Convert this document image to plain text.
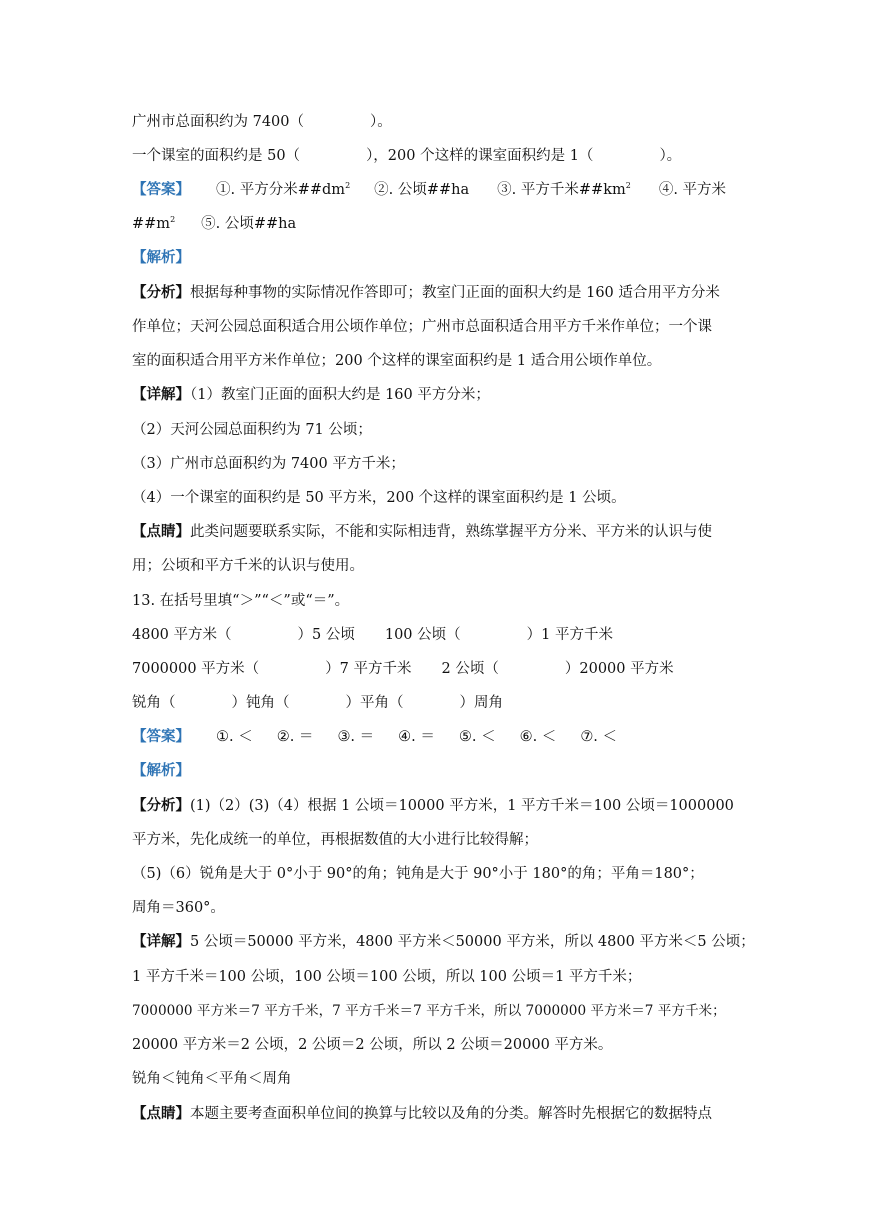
广州市总面积约为 7400（	）。
一个课室的面积约是 50（	），200 个这样的课室面积约是 1（	）。
【答案】 ①. 平方分米$\#\#dm^2$ ②. 公顷##ha ③. 平方千米$\#\#km^2$ ④. 平方米
$\#\#m^2$ ⑤. 公顷##ha
【解析】
【分析】根据每种事物的实际情况作答即可；教室门正面的面积大约是 160 适合用平方分米
作单位；天河公园总面积适合用公顷作单位；广州市总面积适合用平方千米作单位；一个课
室的面积适合用平方米作单位；200 个这样的课室面积约是 1 适合用公顷作单位。
【详解】（1）教室门正面的面积大约是 160 平方分米；
（2）天河公园总面积约为 71 公顷；
（3）广州市总面积约为 7400 平方千米；
（4）一个课室的面积约是 50 平方米，200 个这样的课室面积约是 1 公顷。
【点睛】此类问题要联系实际，不能和实际相违背，熟练掌握平方分米、平方米的认识与使
用；公顷和平方千米的认识与使用。
13. 在括号里填“＞”“＜”或“＝”。
4800 平方米（	）5 公顷 100 公顷（	）1 平方千米
7000000 平方米（	）7 平方千米 2 公顷（	）20000 平方米
锐角（	）钝角（	）平角（	）周角
【答案】 ①. ＜ ②. ＝ ③. ＝ ④. ＝ ⑤. ＜ ⑥. ＜ ⑦. ＜
【解析】
【分析】(1)（2）(3)（4）根据 1 公顷＝10000 平方米，1 平方千米＝100 公顷＝1000000
平方米，先化成统一的单位，再根据数值的大小进行比较得解；
（5)（6）锐角是大于 0°小于 90°的角；钝角是大于 90°小于 180°的角；平角＝180°；
周角＝360°。
【详解】5 公顷＝50000 平方米，4800 平方米＜50000 平方米，所以 4800 平方米＜5 公顷；
1 平方千米＝100 公顷，100 公顷＝100 公顷，所以 100 公顷＝1 平方千米；
7000000 平方米＝7 平方千米，7 平方千米＝7 平方千米，所以 7000000 平方米＝7 平方千米；
20000 平方米＝2 公顷，2 公顷＝2 公顷，所以 2 公顷＝20000 平方米。
锐角＜钝角＜平角＜周角
【点睛】本题主要考查面积单位间的换算与比较以及角的分类。解答时先根据它的数据特点
